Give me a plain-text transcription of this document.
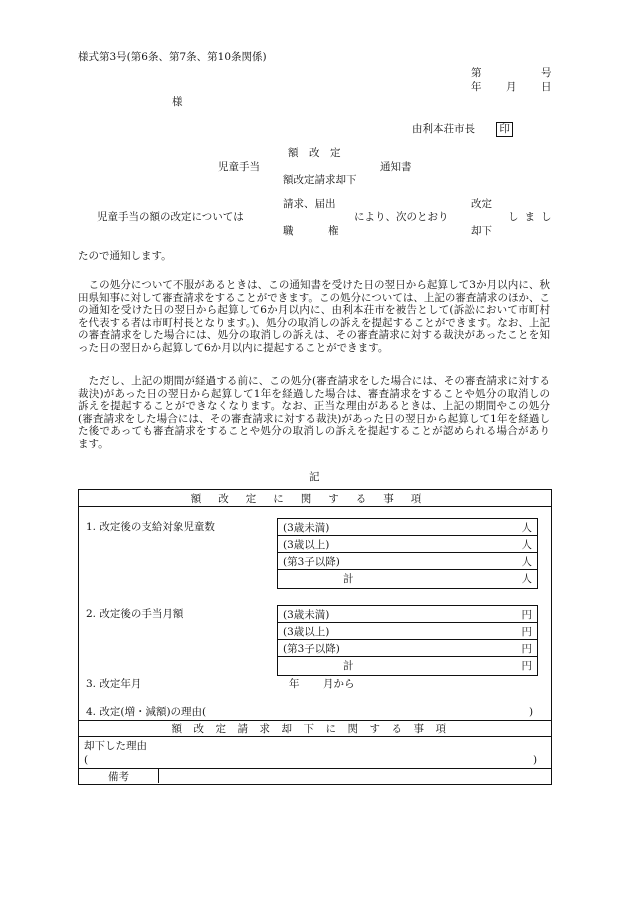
様式第3号(第6条、第7条、第10条関係)
第	号
年 月 日
様
由利本荘市長 印
額　改　定
児童手当	通知書
額改定請求却下
請求、届出
児童手当の額の改定については
職	権
により、次のとおり
改定
却下
しまし
たので通知します。
　この処分について不服があるときは、この通知書を受けた日の翌日から起算して3か月以内に、秋田県知事に対して審査請求をすることができます。この処分については、上記の審査請求のほか、この通知を受けた日の翌日から起算して6か月以内に、由利本荘市を被告として(訴訟において市町村を代表する者は市町村長となります。)、処分の取消しの訴えを提起することができます。なお、上記の審査請求をした場合には、処分の取消しの訴えは、その審査請求に対する裁決があったことを知った日の翌日から起算して6か月以内に提起することができます。
　ただし、上記の期間が経過する前に、この処分(審査請求をした場合には、その審査請求に対する裁決)があった日の翌日から起算して1年を経過した場合は、審査請求をすることや処分の取消しの訴えを提起することができなくなります。なお、正当な理由があるときは、上記の期間やこの処分(審査請求をした場合には、その審査請求に対する裁決)があった日の翌日から起算して1年を経過した後であっても審査請求をすることや処分の取消しの訴えを提起することが認められる場合があります。
記
額改定に関する事項
1. 改定後の支給対象児童数	(3歳未満)	人
(3歳以上)	人
(第3子以降)	人
計	人
2. 改定後の手当月額	(3歳未満)	円
(3歳以上)	円
(第3子以降)	円
計	円
3. 改定年月	年 月から
4. 改定(増・減額)の理由(	)
額改定請求却下に関する事項
却下した理由
(	)
備考
